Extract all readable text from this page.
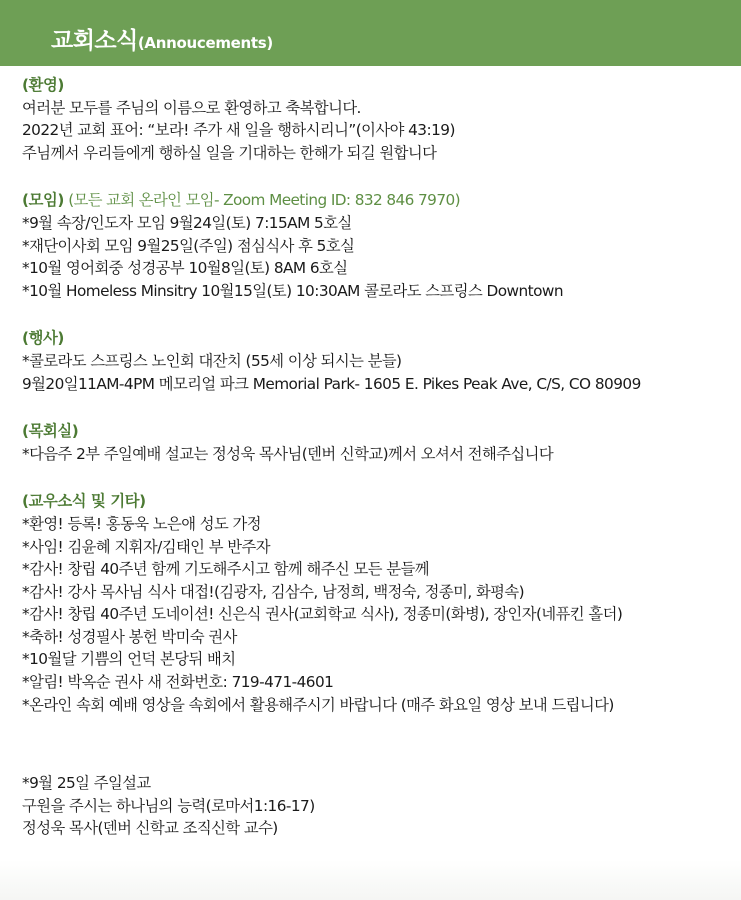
교회소식(Annoucements)
(환영)
여러분 모두를 주님의 이름으로 환영하고 축복합니다.
2022년 교회 표어: “보라! 주가 새 일을 행하시리니”(이사야 43:19)
주님께서 우리들에게 행하실 일을 기대하는 한해가 되길 원합니다
(모임) (모든 교회 온라인 모임- Zoom Meeting ID: 832 846 7970)
*9월 속장/인도자 모임 9월24일(토) 7:15AM 5호실
*재단이사회 모임 9월25일(주일) 점심식사 후 5호실
*10월 영어회중 성경공부 10월8일(토) 8AM 6호실
*10월 Homeless Minsitry 10월15일(토) 10:30AM 콜로라도 스프링스 Downtown
(행사)
*콜로라도 스프링스 노인회 대잔치 (55세 이상 되시는 분들)
9월20일11AM-4PM 메모리얼 파크 Memorial Park- 1605 E. Pikes Peak Ave, C/S, CO 80909
(목회실)
*다음주 2부 주일예배 설교는 정성욱 목사님(덴버 신학교)께서 오셔서 전해주십니다
(교우소식 및 기타)
*환영! 등록! 홍동욱 노은애 성도 가정
*사임! 김윤혜 지휘자/김태인 부 반주자
*감사! 창립 40주년 함께 기도해주시고 함께 해주신 모든 분들께
*감사! 강사 목사님 식사 대접!(김광자, 김삼수, 남정희, 백정숙, 정종미, 화평속)
*감사! 창립 40주년 도네이션! 신은식 권사(교회학교 식사), 정종미(화병), 장인자(네퓨킨 홀더)
*축하! 성경필사 봉헌 박미숙 권사
*10월달 기쁨의 언덕 본당뒤 배치
*알림! 박옥순 권사 새 전화번호: 719-471-4601
*온라인 속회 예배 영상을 속회에서 활용해주시기 바랍니다 (매주 화요일 영상 보내 드립니다)
*9월 25일 주일설교
구원을 주시는 하나님의 능력(로마서1:16-17)
정성욱 목사(덴버 신학교 조직신학 교수)
